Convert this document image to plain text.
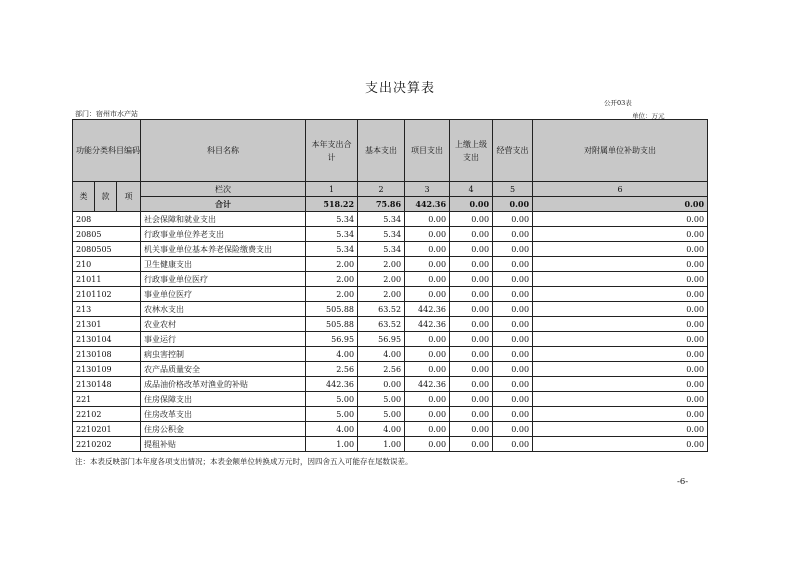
支出决算表
公开03表
单位：万元
部门：宿州市水产站
功能分类科目编码			科目名称	本年支出合计	基本支出	项目支出	上缴上级支出	经营支出	对附属单位补助支出
类	款	项	栏次	1	2	3	4	5	6
			合计	518.22	75.86	442.36	0.00	0.00	0.00
208			社会保障和就业支出	5.34	5.34	0.00	0.00	0.00	0.00
20805			行政事业单位养老支出	5.34	5.34	0.00	0.00	0.00	0.00
2080505			机关事业单位基本养老保险缴费支出	5.34	5.34	0.00	0.00	0.00	0.00
210			卫生健康支出	2.00	2.00	0.00	0.00	0.00	0.00
21011			行政事业单位医疗	2.00	2.00	0.00	0.00	0.00	0.00
2101102			事业单位医疗	2.00	2.00	0.00	0.00	0.00	0.00
213			农林水支出	505.88	63.52	442.36	0.00	0.00	0.00
21301			农业农村	505.88	63.52	442.36	0.00	0.00	0.00
2130104			事业运行	56.95	56.95	0.00	0.00	0.00	0.00
2130108			病虫害控制	4.00	4.00	0.00	0.00	0.00	0.00
2130109			农产品质量安全	2.56	2.56	0.00	0.00	0.00	0.00
2130148			成品油价格改革对渔业的补贴	442.36	0.00	442.36	0.00	0.00	0.00
221			住房保障支出	5.00	5.00	0.00	0.00	0.00	0.00
22102			住房改革支出	5.00	5.00	0.00	0.00	0.00	0.00
2210201			住房公积金	4.00	4.00	0.00	0.00	0.00	0.00
2210202			提租补贴	1.00	1.00	0.00	0.00	0.00	0.00
注：本表反映部门本年度各项支出情况；本表金额单位转换成万元时，因四舍五入可能存在尾数误差。
-6-
